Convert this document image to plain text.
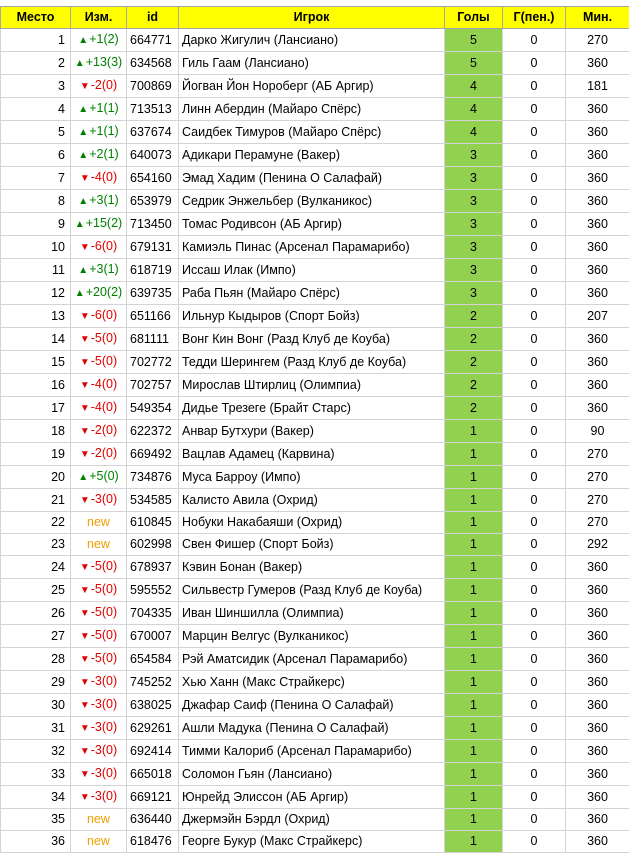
Место	Изм.	id	Игрок	Голы	Г(пен.)	Мин.
1	▲+1(2)	664771	Дарко Жигулич (Лансиано)	5	0	270
2	▲+13(3)	634568	Гиль Гаам (Лансиано)	5	0	360
3	▼-2(0)	700869	Йогван Йон Норoберг (АБ Аргир)	4	0	181
4	▲+1(1)	713513	Линн Абердин (Майаро Спёрс)	4	0	360
5	▲+1(1)	637674	Саидбек Тимуров (Майаро Спёрс)	4	0	360
6	▲+2(1)	640073	Адикари Перамуне (Вакер)	3	0	360
7	▼-4(0)	654160	Эмад Хадим (Пенина О Салафай)	3	0	360
8	▲+3(1)	653979	Седрик Энжельбер (Вулканикос)	3	0	360
9	▲+15(2)	713450	Томас Родивсон (АБ Аргир)	3	0	360
10	▼-6(0)	679131	Камиэль Пинас (Арсенал Парамарибо)	3	0	360
11	▲+3(1)	618719	Иссаш Илак (Импо)	3	0	360
12	▲+20(2)	639735	Раба Пьян (Майаро Спёрс)	3	0	360
13	▼-6(0)	651166	Ильнур Кыдыров (Спорт Бойз)	2	0	207
14	▼-5(0)	681111	Вонг Кин Вонг (Разд Клуб де Коуба)	2	0	360
15	▼-5(0)	702772	Тедди Шерингем (Разд Клуб де Коуба)	2	0	360
16	▼-4(0)	702757	Мирослав Штирлиц (Олимпиа)	2	0	360
17	▼-4(0)	549354	Дидье Трезеге (Брайт Старс)	2	0	360
18	▼-2(0)	622372	Анвар Бутхури (Вакер)	1	0	90
19	▼-2(0)	669492	Вацлав Адамец (Карвина)	1	0	270
20	▲+5(0)	734876	Муса Барроу (Импо)	1	0	270
21	▼-3(0)	534585	Калисто Авила (Охрид)	1	0	270
22	new	610845	Нобуки Накабаяши (Охрид)	1	0	270
23	new	602998	Свен Фишер (Спорт Бойз)	1	0	292
24	▼-5(0)	678937	Кэвин Бонан (Вакер)	1	0	360
25	▼-5(0)	595552	Сильвестр Гумеров (Разд Клуб де Коуба)	1	0	360
26	▼-5(0)	704335	Иван Шиншилла (Олимпиа)	1	0	360
27	▼-5(0)	670007	Марцин Велгус (Вулканикос)	1	0	360
28	▼-5(0)	654584	Рэй Аматсидик (Арсенал Парамарибо)	1	0	360
29	▼-3(0)	745252	Хью Ханн (Макс Страйкерс)	1	0	360
30	▼-3(0)	638025	Джафар Саиф (Пенина О Салафай)	1	0	360
31	▼-3(0)	629261	Ашли Мадука (Пенина О Салафай)	1	0	360
32	▼-3(0)	692414	Тимми Калориб (Арсенал Парамарибо)	1	0	360
33	▼-3(0)	665018	Соломон Гьян (Лансиано)	1	0	360
34	▼-3(0)	669121	Юнрейд Элиссон (АБ Аргир)	1	0	360
35	new	636440	Джермэйн Бэрдл (Охрид)	1	0	360
36	new	618476	Георге Букур (Макс Страйкерс)	1	0	360
